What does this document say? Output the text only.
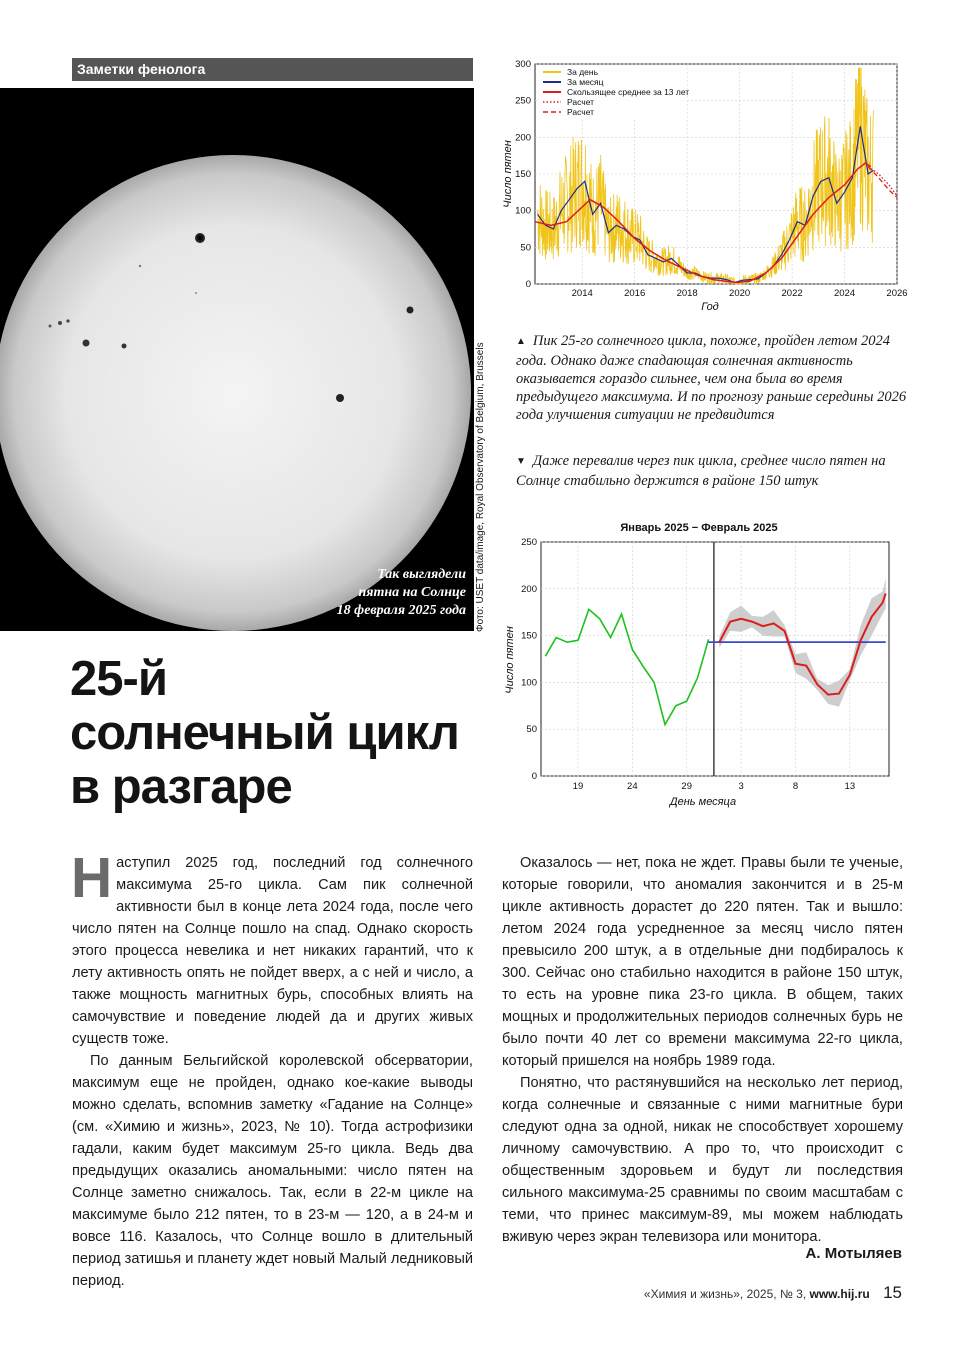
Заметки фенолога
Так выглядели
пятна на Солнце
18 февраля 2025 года Фото: USET data/image, Royal Observatory of Belgium, Brussels
25-й
солнечный цикл
в разгаре
0
50
100
150
200
250
300
2014	2016	2018	2020	2022	2024	2026
За день
За месяц
Скользящее среднее за 13 лет
Расчет
Расчет
Год
Число пятен
▲ Пик 25-го солнечного цикла, похоже, пройден летом 2024 года. Однако даже спадающая солнечная активность оказывается гораздо сильнее, чем она была во время предыдущего максимума. И по прогнозу раньше середины 2026 года улучшения ситуации не предвидится
▼ Даже перевалив через пик цикла, среднее число пятен на Солнце стабильно держится в районе 150 штук
Январь 2025 − Февраль 2025
0
50
100
150
200
250
19	24	29	3	8	13
День месяца
Число пятен

Наступил 2025 год, последний год солнечного максимума 25-го цикла. Сам пик солнечной активности был в конце лета 2024 года, после чего число пятен на Солнце пошло на спад. Однако скорость этого процесса невелика и нет никаких гарантий, что к лету активность опять не пойдет вверх, а с ней и число, а также мощность магнитных бурь, способных влиять на самочувствие и поведение людей да и других живых существ тоже.

По данным Бельгийской королевской обсерватории, максимум еще не пройден, однако кое-какие выводы можно сделать, вспомнив заметку «Гадание на Солнце» (см. «Химию и жизнь», 2023, № 10). Тогда астрофизики гадали, каким будет максимум 25-го цикла. Ведь два предыдущих оказались аномальными: число пятен на Солнце заметно снижалось. Так, если в 22-м цикле на максимуме было 212 пятен, то в 23-м — 120, а в 24-м и вовсе 116. Казалось, что Солнце вошло в длительный период затишья и планету ждет новый Малый ледниковый период.

Оказалось — нет, пока не ждет. Правы были те ученые, которые говорили, что аномалия закончится и в 25-м цикле активность дорастет до 220 пятен. Так и вышло: летом 2024 года усредненное за месяц число пятен превысило 200 штук, а в отдельные дни подбиралось к 300. Сейчас оно стабильно находится в районе 150 штук, то есть на уровне пика 23-го цикла. В общем, таких мощных и продолжительных периодов солнечных бурь не было почти 40 лет со времени максимума 22-го цикла, который пришелся на ноябрь 1989 года.

Понятно, что растянувшийся на несколько лет период, когда солнечные и связанные с ними магнитные бури следуют одна за одной, никак не способствует хорошему личному самочувствию. А про то, что происходит с общественным здоровьем и будут ли последствия сильного максимума-25 сравнимы по своим масштабам с теми, что принес максимум-89, мы можем наблюдать вживую через экран телевизора или монитора.

А. Мотыляев
«Химия и жизнь», 2025, № 3, www.hij.ru 15
